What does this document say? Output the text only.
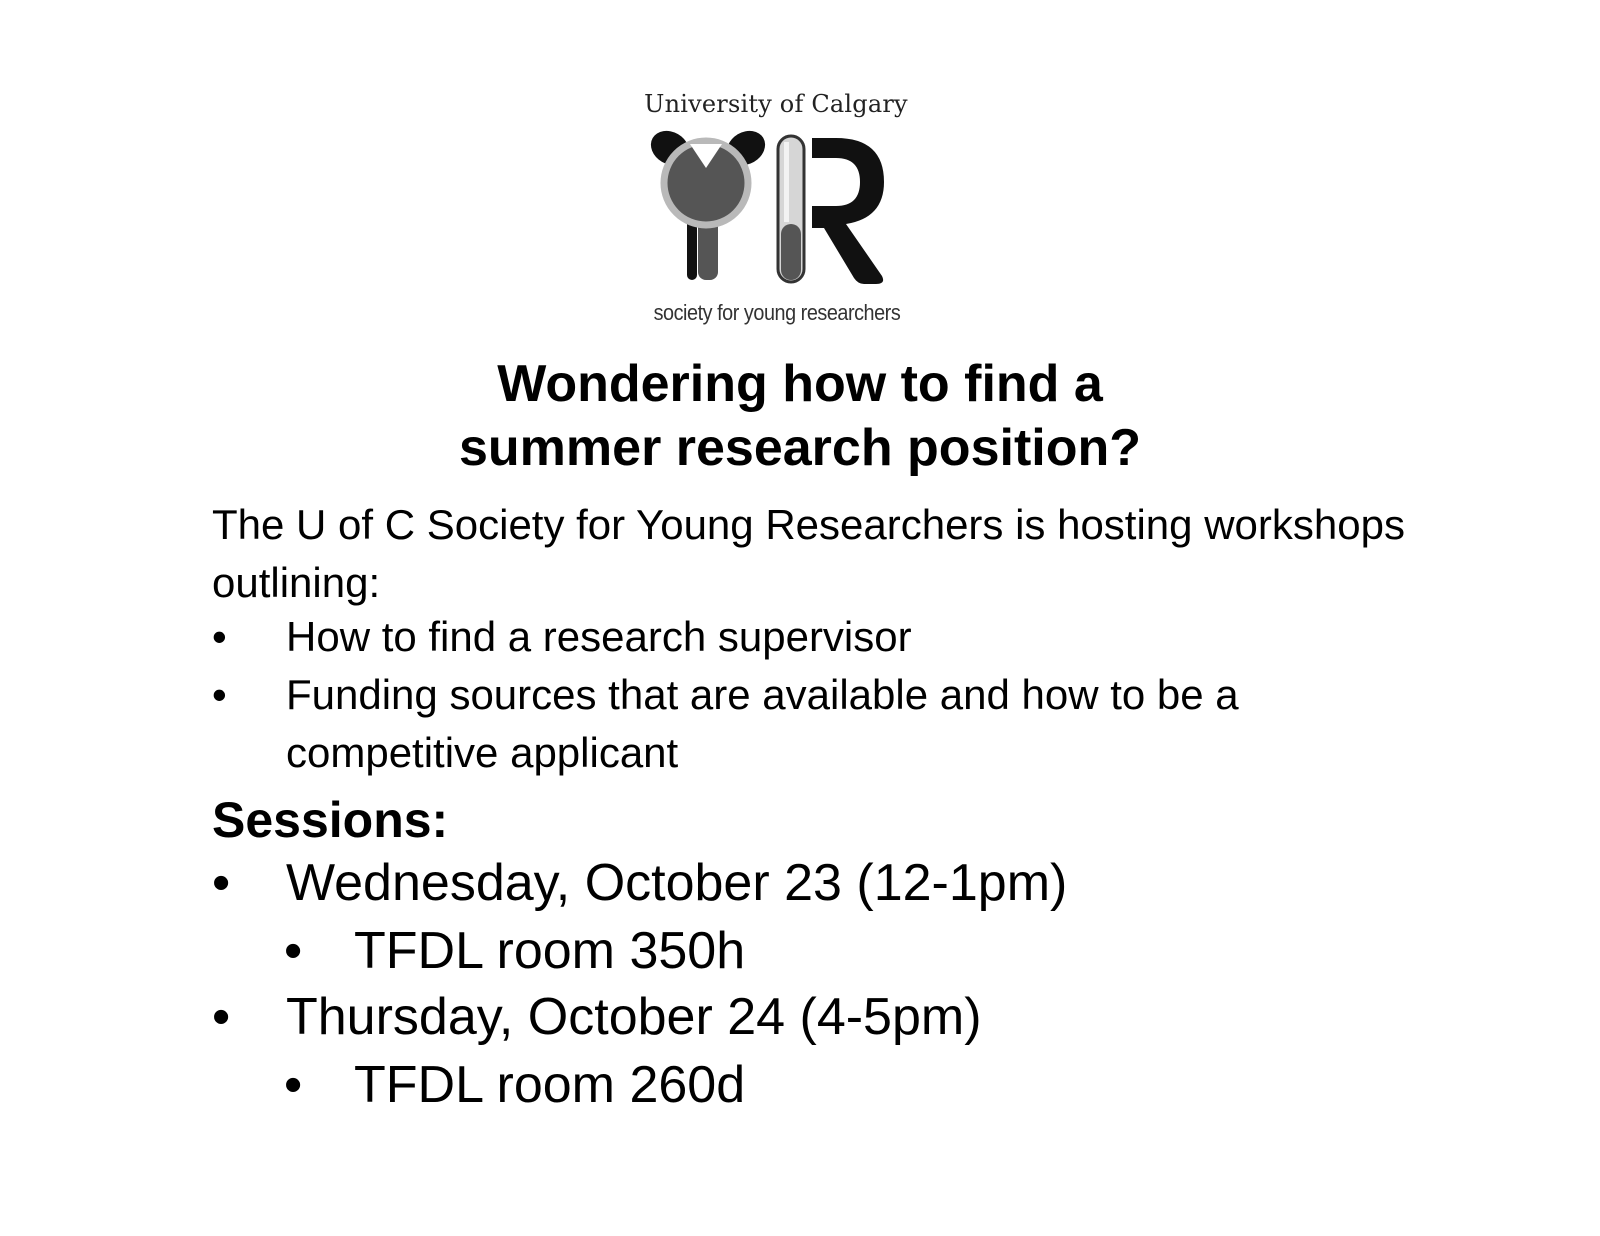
University of Calgary
society for young researchers
Wondering how to find a
summer research position?
The U of C Society for Young Researchers is hosting workshops outlining:
• How to find a research supervisor
• Funding sources that are available and how to be a competitive applicant
Sessions:
• Wednesday, October 23 (12-1pm)
• TFDL room 350h
• Thursday, October 24 (4-5pm)
• TFDL room 260d
